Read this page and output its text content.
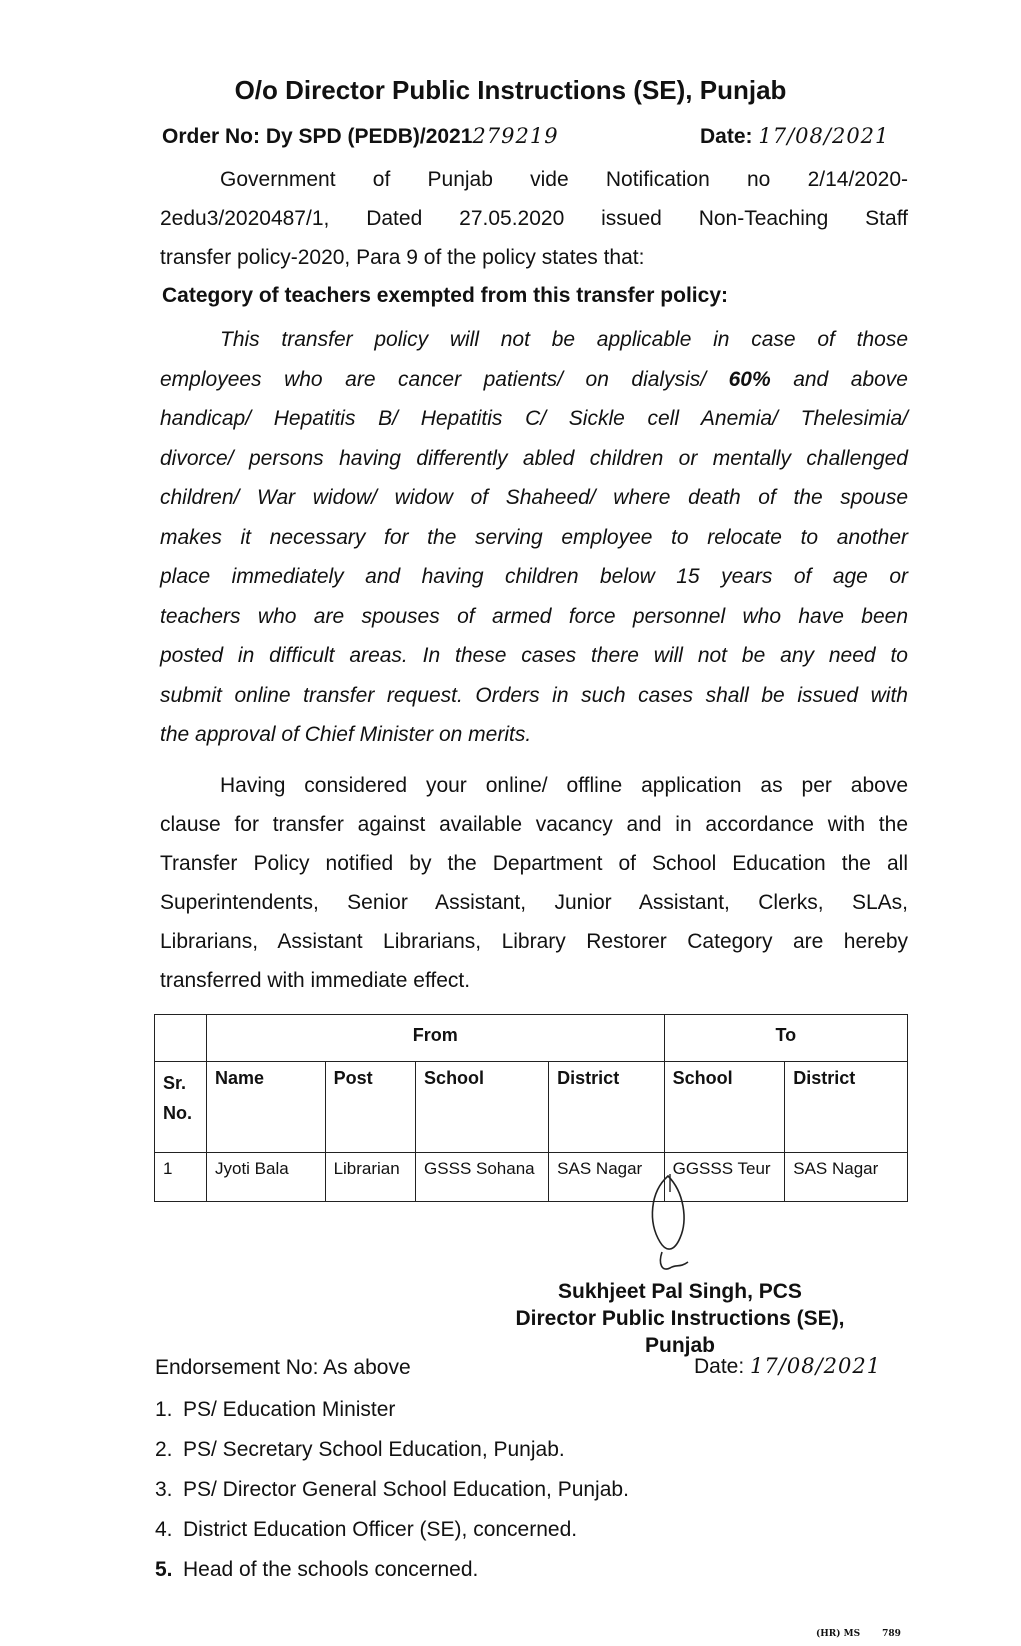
O/o Director Public Instructions (SE), Punjab
Order No: Dy SPD (PEDB)/2021279219	Date: 17/08/2021
Government of Punjab vide Notification no 2/14/2020-
2edu3/2020487/1, Dated 27.05.2020 issued Non-Teaching Staff
transfer policy-2020, Para 9 of the policy states that:
Category of teachers exempted from this transfer policy:
This transfer policy will not be applicable in case of those
employees who are cancer patients/ on dialysis/ 60% and above
handicap/ Hepatitis B/ Hepatitis C/ Sickle cell Anemia/ Thelesimia/
divorce/ persons having differently abled children or mentally challenged
children/ War widow/ widow of Shaheed/ where death of the spouse
makes it necessary for the serving employee to relocate to another
place immediately and having children below 15 years of age or
teachers who are spouses of armed force personnel who have been
posted in difficult areas. In these cases there will not be any need to
submit online transfer request. Orders in such cases shall be issued with
the approval of Chief Minister on merits.
Having considered your online/ offline application as per above
clause for transfer against available vacancy and in accordance with the
Transfer Policy notified by the Department of School Education the all
Superintendents, Senior Assistant, Junior Assistant, Clerks, SLAs,
Librarians, Assistant Librarians, Library Restorer Category are hereby
transferred with immediate effect.
	From				To	
Sr. No.	Name	Post	School	District	School	District
1	Jyoti Bala	Librarian	GSSS Sohana	SAS Nagar	GGSSS Teur	SAS Nagar
Sukhjeet Pal Singh, PCS
Director Public Instructions (SE),
Punjab
Endorsement No: As above	Date: 17/08/2021
1. PS/ Education Minister
2. PS/ Secretary School Education, Punjab.
3. PS/ Director General School Education, Punjab.
4. District Education Officer (SE), concerned.
5. Head of the schools concerned.
(HR) MS 789
